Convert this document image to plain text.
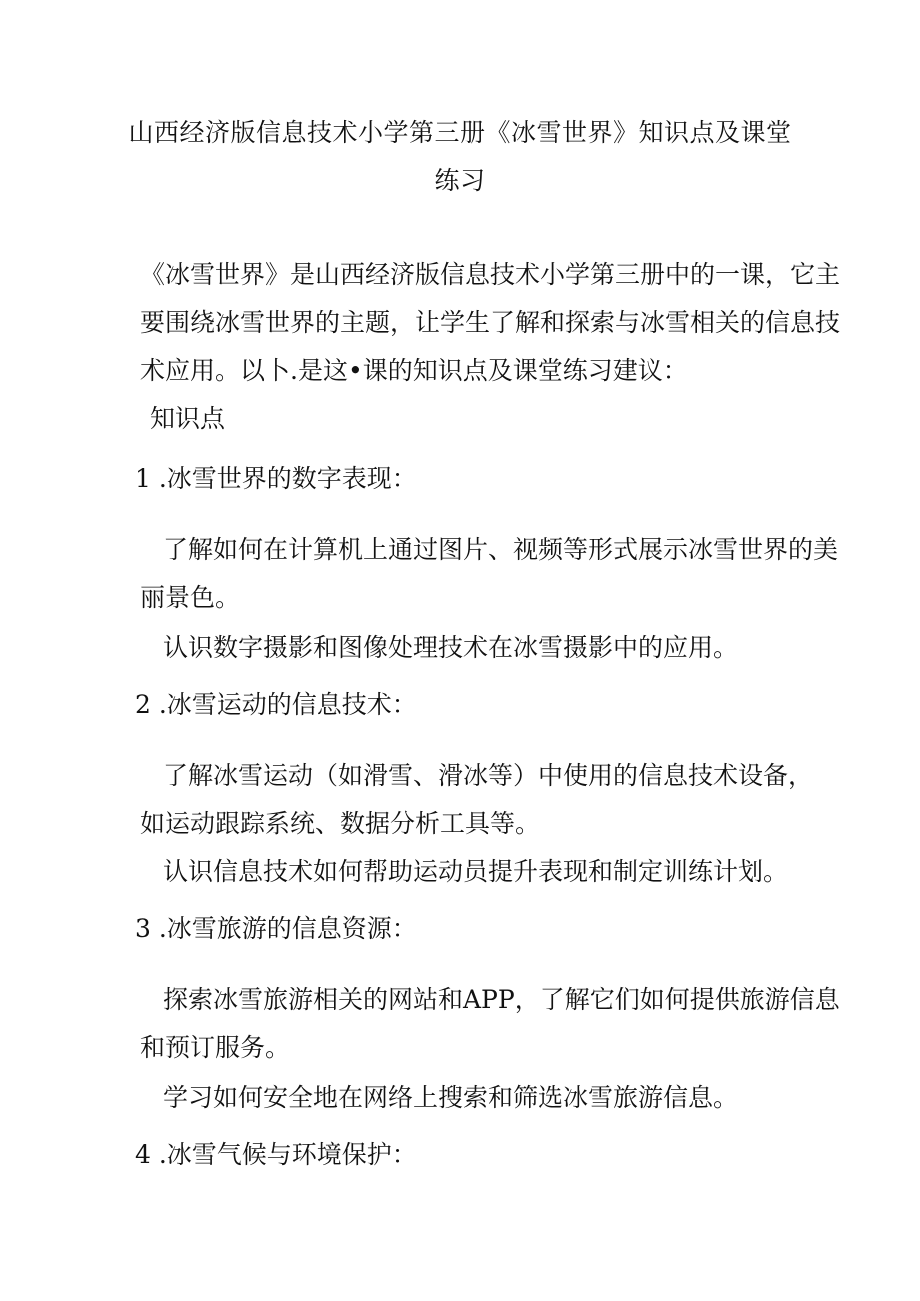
山西经济版信息技术小学第三册《冰雪世界》知识点及课堂
练习
《冰雪世界》是山西经济版信息技术小学第三册中的一课，它主
要围绕冰雪世界的主题，让学生了解和探索与冰雪相关的信息技
术应用。以卜.是这•课的知识点及课堂练习建议：
知识点
1 .冰雪世界的数字表现：
了解如何在计算机上通过图片、视频等形式展示冰雪世界的美
丽景色。
认识数字摄影和图像处理技术在冰雪摄影中的应用。
2 .冰雪运动的信息技术：
了解冰雪运动（如滑雪、滑冰等）中使用的信息技术设备，
如运动跟踪系统、数据分析工具等。
认识信息技术如何帮助运动员提升表现和制定训练计划。
3 .冰雪旅游的信息资源：
探索冰雪旅游相关的网站和APP，了解它们如何提供旅游信息
和预订服务。
学习如何安全地在网络上搜索和筛选冰雪旅游信息。
4 .冰雪气候与环境保护：
